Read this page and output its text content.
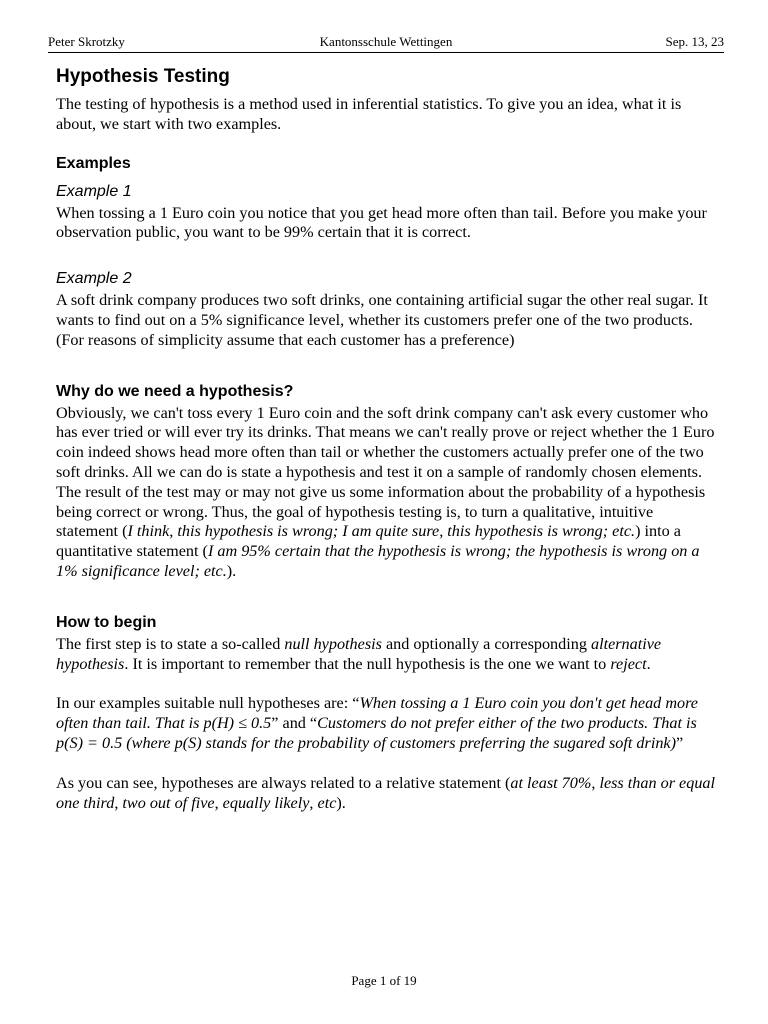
Peter Skrotzky	Kantonsschule Wettingen	Sep. 13, 23
Hypothesis Testing

The testing of hypothesis is a method used in inferential statistics. To give you an idea, what it is about, we start with two examples.

Examples
Example 1

When tossing a 1 Euro coin you notice that you get head more often than tail. Before you make your observation public, you want to be 99% certain that it is correct.

Example 2

A soft drink company produces two soft drinks, one containing artificial sugar the other real sugar. It wants to find out on a 5% significance level, whether its customers prefer one of the two products. (For reasons of simplicity assume that each customer has a preference)

Why do we need a hypothesis?

Obviously, we can't toss every 1 Euro coin and the soft drink company can't ask every customer who has ever tried or will ever try its drinks. That means we can't really prove or reject whether the 1 Euro coin indeed shows head more often than tail or whether the customers actually prefer one of the two soft drinks. All we can do is state a hypothesis and test it on a sample of randomly chosen elements. The result of the test may or may not give us some information about the probability of a hypothesis being correct or wrong. Thus, the goal of hypothesis testing is, to turn a qualitative, intuitive statement (I think, this hypothesis is wrong; I am quite sure, this hypothesis is wrong; etc.) into a quantitative statement (I am 95% certain that the hypothesis is wrong; the hypothesis is wrong on a 1% significance level; etc.).

How to begin

The first step is to state a so-called null hypothesis and optionally a corresponding alternative hypothesis. It is important to remember that the null hypothesis is the one we want to reject.

In our examples suitable null hypotheses are: “When tossing a 1 Euro coin you don't get head more often than tail. That is p(H) ≤ 0.5” and “Customers do not prefer either of the two products. That is p(S) = 0.5 (where p(S) stands for the probability of customers preferring the sugared soft drink)”

As you can see, hypotheses are always related to a relative statement (at least 70%, less than or equal one third, two out of five, equally likely, etc).

Page 1 of 19
